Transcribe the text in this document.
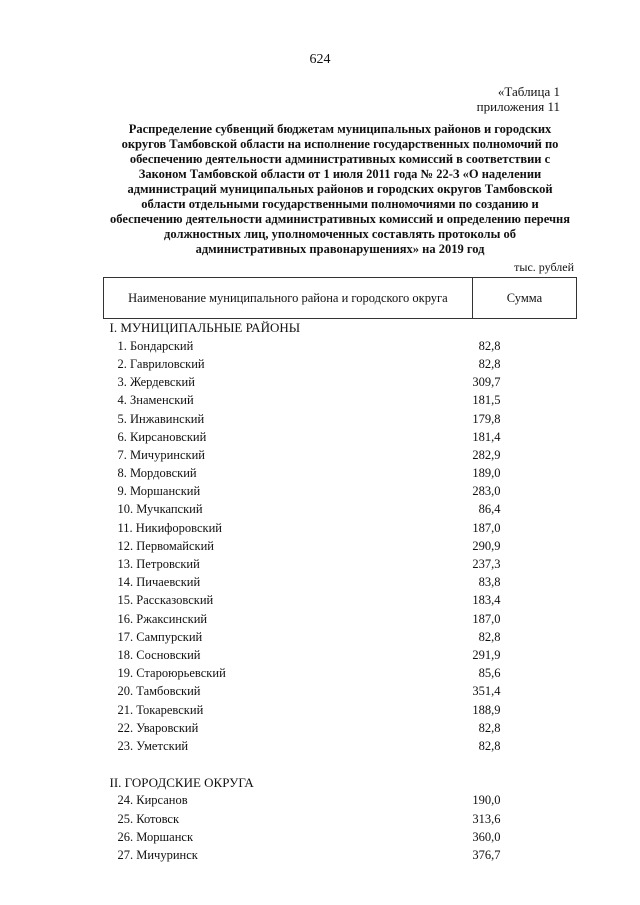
624
«Таблица 1
приложения 11
Распределение субвенций бюджетам муниципальных районов и городских округов Тамбовской области на исполнение государственных полномочий по обеспечению деятельности административных комиссий в соответствии с Законом Тамбовской области от 1 июля 2011 года № 22-З «О наделении администраций муниципальных районов и городских округов Тамбовской области отдельными государственными полномочиями по созданию и обеспечению деятельности административных комиссий и определению перечня должностных лиц, уполномоченных составлять протоколы об административных правонарушениях» на 2019 год
тыс. рублей
Наименование муниципального района и городского округа	Сумма
I. МУНИЦИПАЛЬНЫЕ РАЙОНЫ	
1. Бондарский	82,8
2. Гавриловский	82,8
3. Жердевский	309,7
4. Знаменский	181,5
5. Инжавинский	179,8
6. Кирсановский	181,4
7. Мичуринский	282,9
8. Мордовский	189,0
9. Моршанский	283,0
10. Мучкапский	86,4
11. Никифоровский	187,0
12. Первомайский	290,9
13. Петровский	237,3
14. Пичаевский	83,8
15. Рассказовский	183,4
16. Ржаксинский	187,0
17. Сампурский	82,8
18. Сосновский	291,9
19. Староюрьевский	85,6
20. Тамбовский	351,4
21. Токаревский	188,9
22. Уваровский	82,8
23. Уметский	82,8

II. ГОРОДСКИЕ ОКРУГА	
24. Кирсанов	190,0
25. Котовск	313,6
26. Моршанск	360,0
27. Мичуринск	376,7
